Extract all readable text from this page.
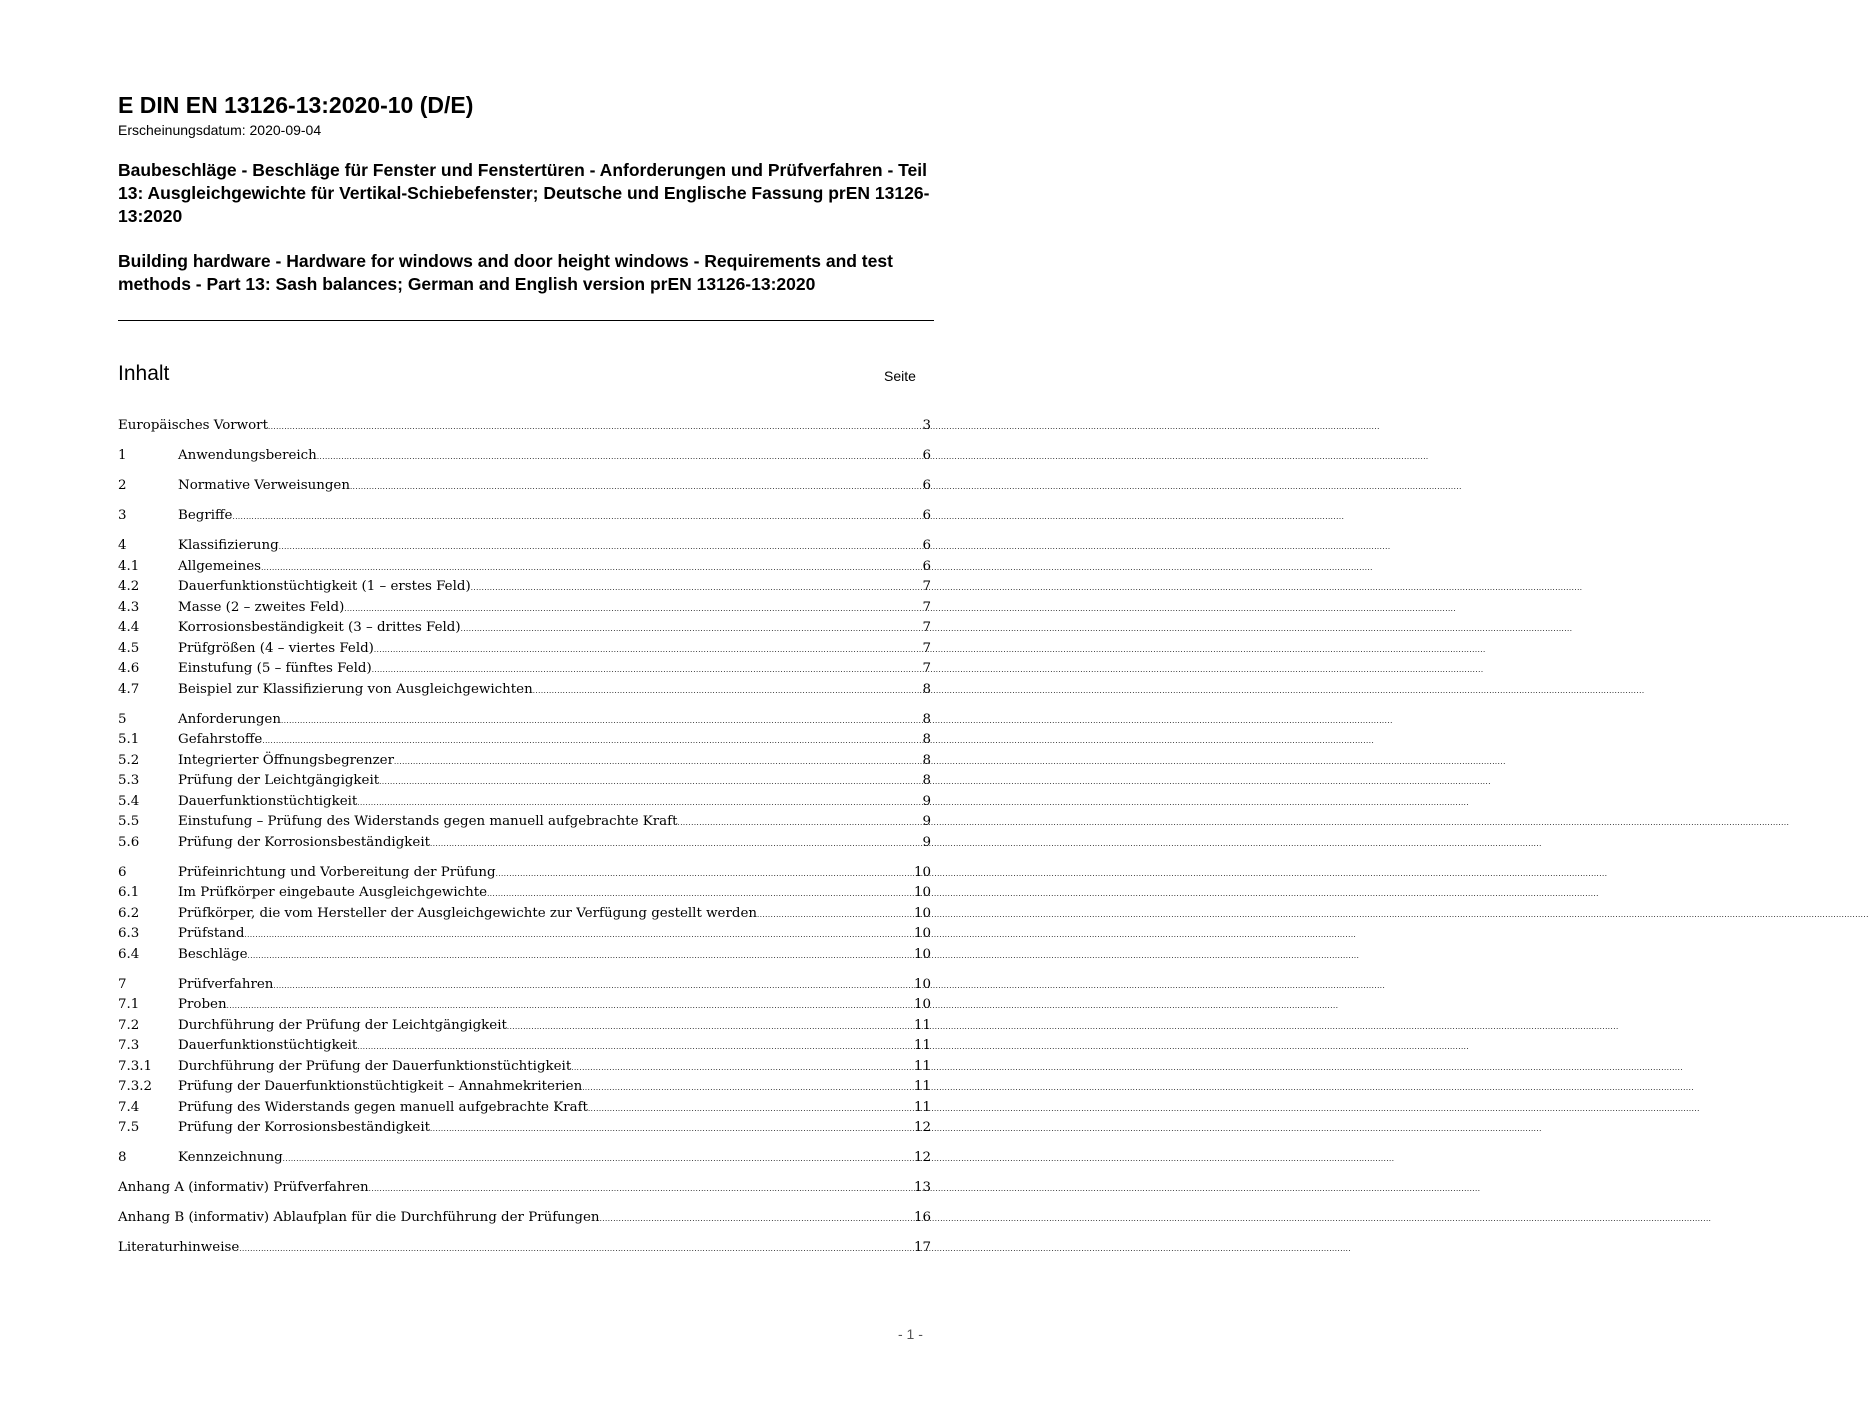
E DIN EN 13126-13:2020-10 (D/E)
Erscheinungsdatum: 2020-09-04
Baubeschläge - Beschläge für Fenster und Fenstertüren - Anforderungen und Prüfverfahren - Teil 13: Ausgleichgewichte für Vertikal-Schiebefenster; Deutsche und Englische Fassung prEN 13126-13:2020
Building hardware - Hardware for windows and door height windows - Requirements and test methods - Part 13: Sash balances; German and English version prEN 13126-13:2020
Inhalt	Seite
Europäisches Vorwort .....	3
1	Anwendungsbereich .....	6
2	Normative Verweisungen .....	6
3	Begriffe .....	6
4	Klassifizierung .....	6
4.1	Allgemeines .....	6
4.2	Dauerfunktionstüchtigkeit (1 – erstes Feld) .....	7
4.3	Masse (2 – zweites Feld) .....	7
4.4	Korrosionsbeständigkeit (3 – drittes Feld) .....	7
4.5	Prüfgrößen (4 – viertes Feld) .....	7
4.6	Einstufung (5 – fünftes Feld) .....	7
4.7	Beispiel zur Klassifizierung von Ausgleichgewichten .....	8
5	Anforderungen .....	8
5.1	Gefahrstoffe .....	8
5.2	Integrierter Öffnungsbegrenzer .....	8
5.3	Prüfung der Leichtgängigkeit .....	8
5.4	Dauerfunktionstüchtigkeit .....	9
5.5	Einstufung – Prüfung des Widerstands gegen manuell aufgebrachte Kraft .....	9
5.6	Prüfung der Korrosionsbeständigkeit .....	9
6	Prüfeinrichtung und Vorbereitung der Prüfung .....	10
6.1	Im Prüfkörper eingebaute Ausgleichgewichte .....	10
6.2	Prüfkörper, die vom Hersteller der Ausgleichgewichte zur Verfügung gestellt werden .....	10
6.3	Prüfstand .....	10
6.4	Beschläge .....	10
7	Prüfverfahren .....	10
7.1	Proben .....	10
7.2	Durchführung der Prüfung der Leichtgängigkeit .....	11
7.3	Dauerfunktionstüchtigkeit .....	11
7.3.1	Durchführung der Prüfung der Dauerfunktionstüchtigkeit .....	11
7.3.2	Prüfung der Dauerfunktionstüchtigkeit – Annahmekriterien .....	11
7.4	Prüfung des Widerstands gegen manuell aufgebrachte Kraft .....	11
7.5	Prüfung der Korrosionsbeständigkeit .....	12
8	Kennzeichnung .....	12
Anhang A (informativ) Prüfverfahren .....	13
Anhang B (informativ) Ablaufplan für die Durchführung der Prüfungen .....	16
Literaturhinweise .....	17
- 1 -
